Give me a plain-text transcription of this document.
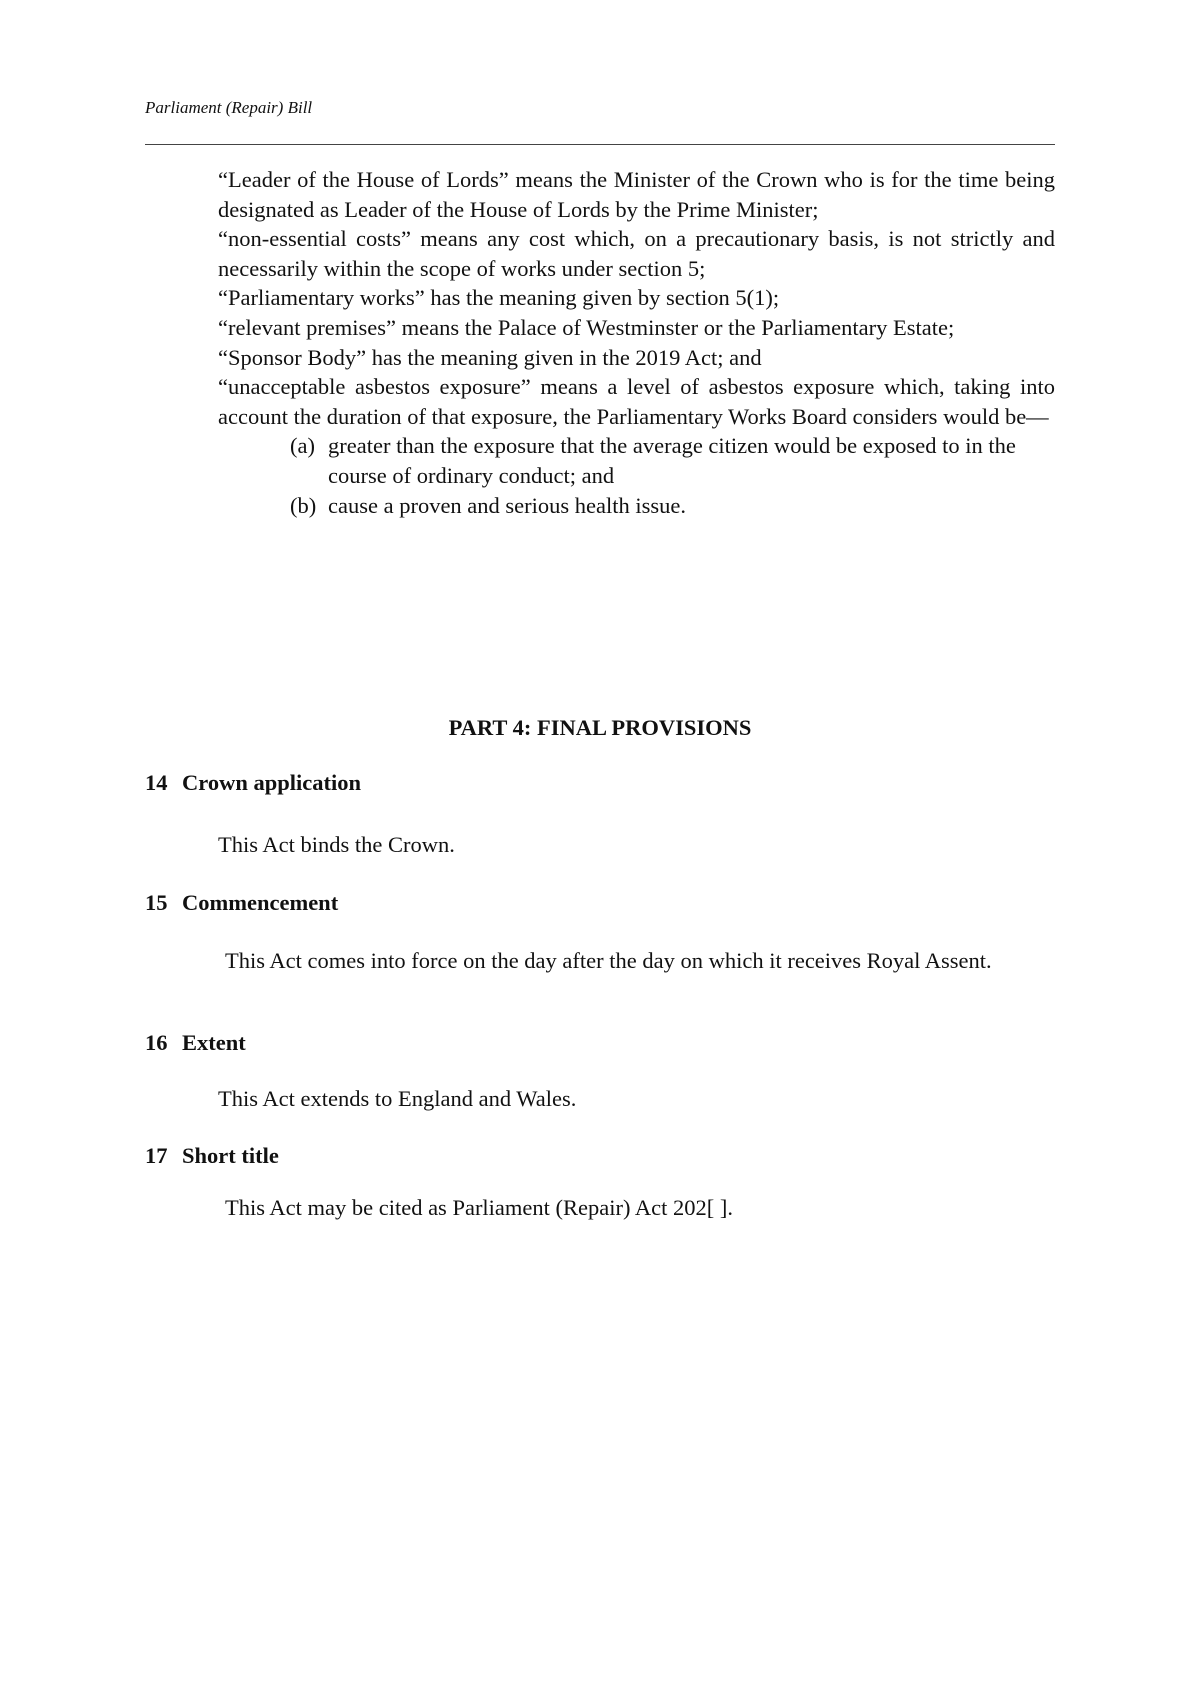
Parliament (Repair) Bill

“Leader of the House of Lords” means the Minister of the Crown who is for the time being designated as Leader of the House of Lords by the Prime Minister;

“non-essential costs” means any cost which, on a precautionary basis, is not strictly and necessarily within the scope of works under section 5;

“Parliamentary works” has the meaning given by section 5(1);

“relevant premises” means the Palace of Westminster or the Parliamentary Estate;

“Sponsor Body” has the meaning given in the 2019 Act; and

“unacceptable asbestos exposure” means a level of asbestos exposure which, taking into account the duration of that exposure, the Parliamentary Works Board considers would be—

(a) greater than the exposure that the average citizen would be exposed to in the course of ordinary conduct; and
(b) cause a proven and serious health issue.
PART 4: FINAL PROVISIONS
14 Crown application
This Act binds the Crown.
15 Commencement
This Act comes into force on the day after the day on which it receives Royal Assent.
16 Extent
This Act extends to England and Wales.
17 Short title
This Act may be cited as Parliament (Repair) Act 202[ ].
